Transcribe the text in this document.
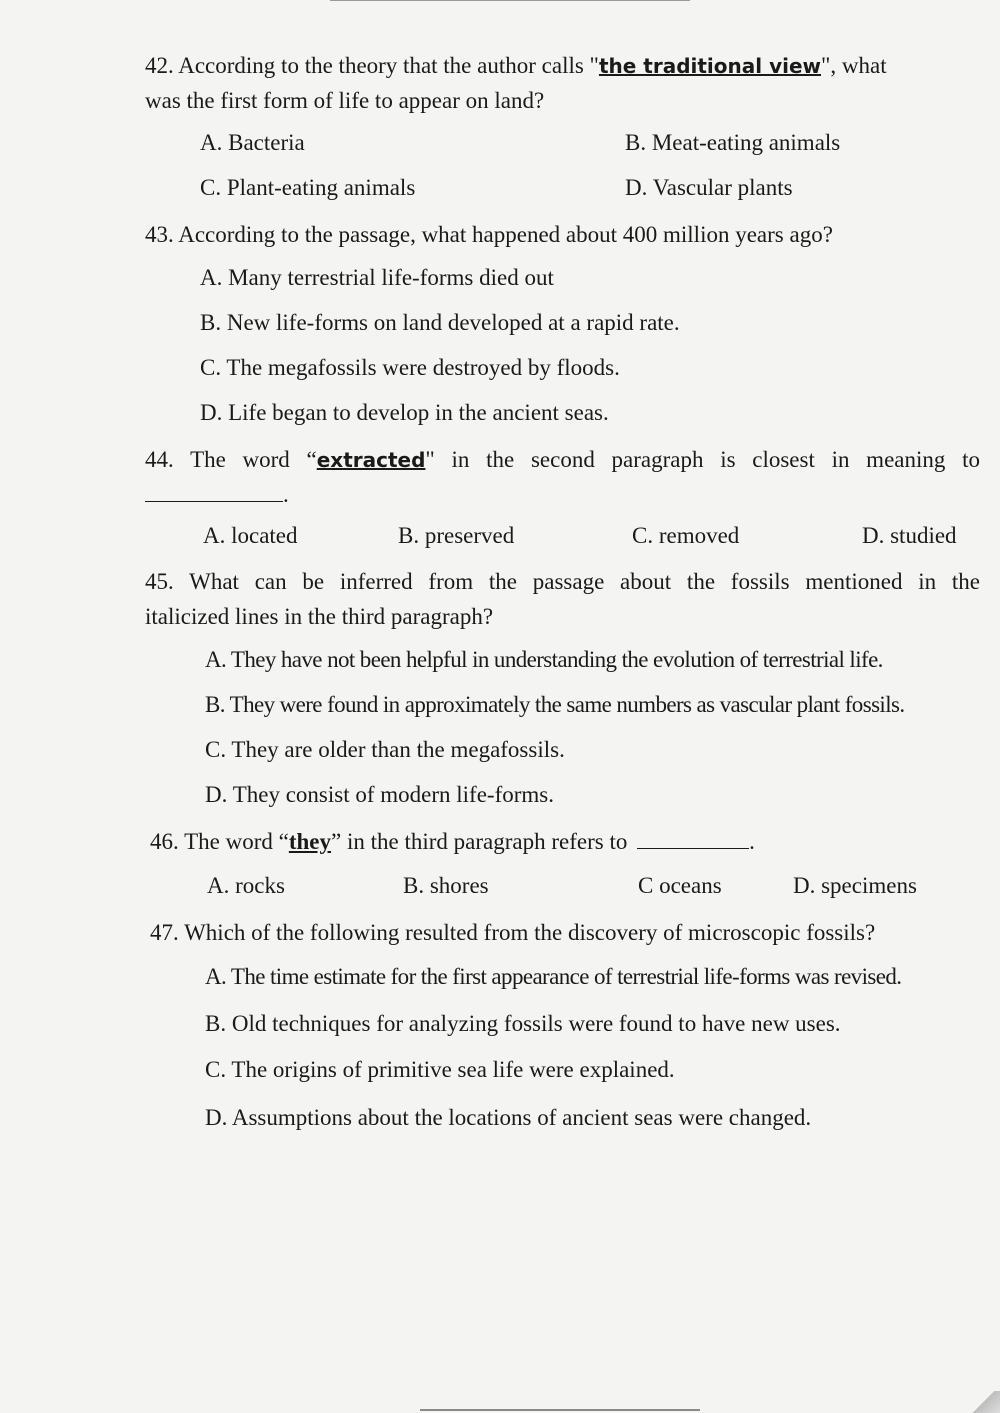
42. According to the theory that the author calls "the traditional view", what
was the first form of life to appear on land?
A. Bacteria	B. Meat-eating animals
C. Plant-eating animals	D. Vascular plants
43. According to the passage, what happened about 400 million years ago?
A. Many terrestrial life-forms died out
B. New life-forms on land developed at a rapid rate.
C. The megafossils were destroyed by floods.
D. Life began to develop in the ancient seas.
44. The word “extracted" in the second paragraph is closest in meaning to
.
A. located	B. preserved	C. removed	D. studied
45. What can be inferred from the passage about the fossils mentioned in the
italicized lines in the third paragraph?
A. They have not been helpful in understanding the evolution of terrestrial life.
B. They were found in approximately the same numbers as vascular plant fossils.
C. They are older than the megafossils.
D. They consist of modern life-forms.
46. The word “they” in the third paragraph refers to	.
A. rocks	B. shores	C oceans	D. specimens
47. Which of the following resulted from the discovery of microscopic fossils?
A. The time estimate for the first appearance of terrestrial life-forms was revised.
B. Old techniques for analyzing fossils were found to have new uses.
C. The origins of primitive sea life were explained.
D. Assumptions about the locations of ancient seas were changed.
